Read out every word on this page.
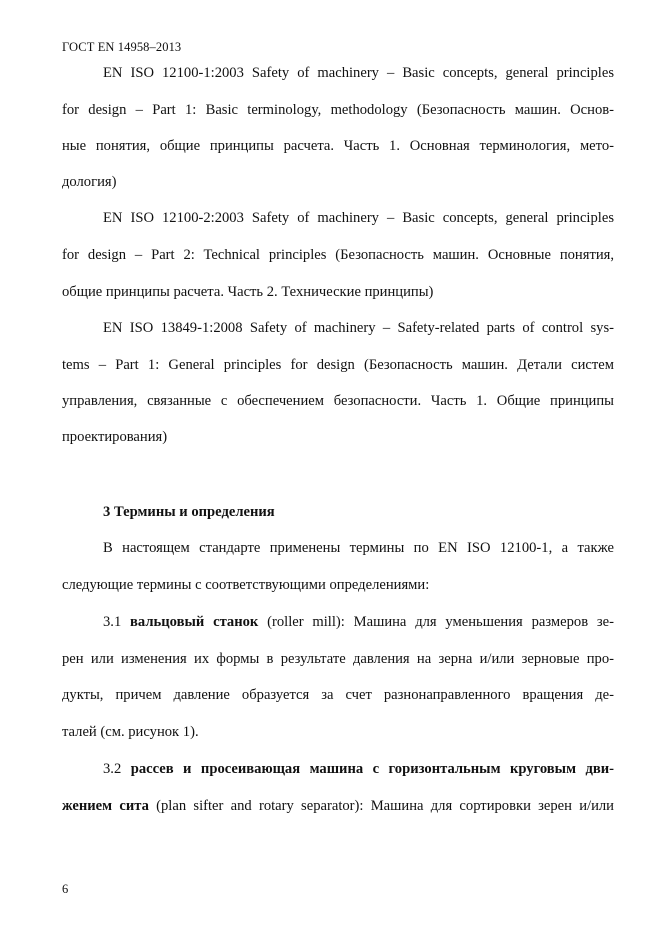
ГОСТ EN 14958–2013
EN ISO 12100-1:2003 Safety of machinery – Basic concepts, general principles
for design – Part 1: Basic terminology, methodology (Безопасность машин. Основ-
ные понятия, общие принципы расчета. Часть 1. Основная терминология, мето-
дология)
EN ISO 12100-2:2003 Safety of machinery – Basic concepts, general principles
for design – Part 2: Technical principles (Безопасность машин. Основные понятия,
общие принципы расчета. Часть 2. Технические принципы)
EN ISO 13849-1:2008 Safety of machinery – Safety-related parts of control sys-
tems – Part 1: General principles for design (Безопасность машин. Детали систем
управления, связанные с обеспечением безопасности. Часть 1. Общие принципы
проектирования)
3 Термины и определения
В настоящем стандарте применены термины по EN ISO 12100-1, а также
следующие термины с соответствующими определениями:
3.1 вальцовый станок (roller mill): Машина для уменьшения размеров зе-
рен или изменения их формы в результате давления на зерна и/или зерновые про-
дукты, причем давление образуется за счет разнонаправленного вращения де-
талей (см. рисунок 1).
3.2 рассев и просеивающая машина с горизонтальным круговым дви-
жением сита (plan sifter and rotary separator): Машина для сортировки зерен и/или
6
